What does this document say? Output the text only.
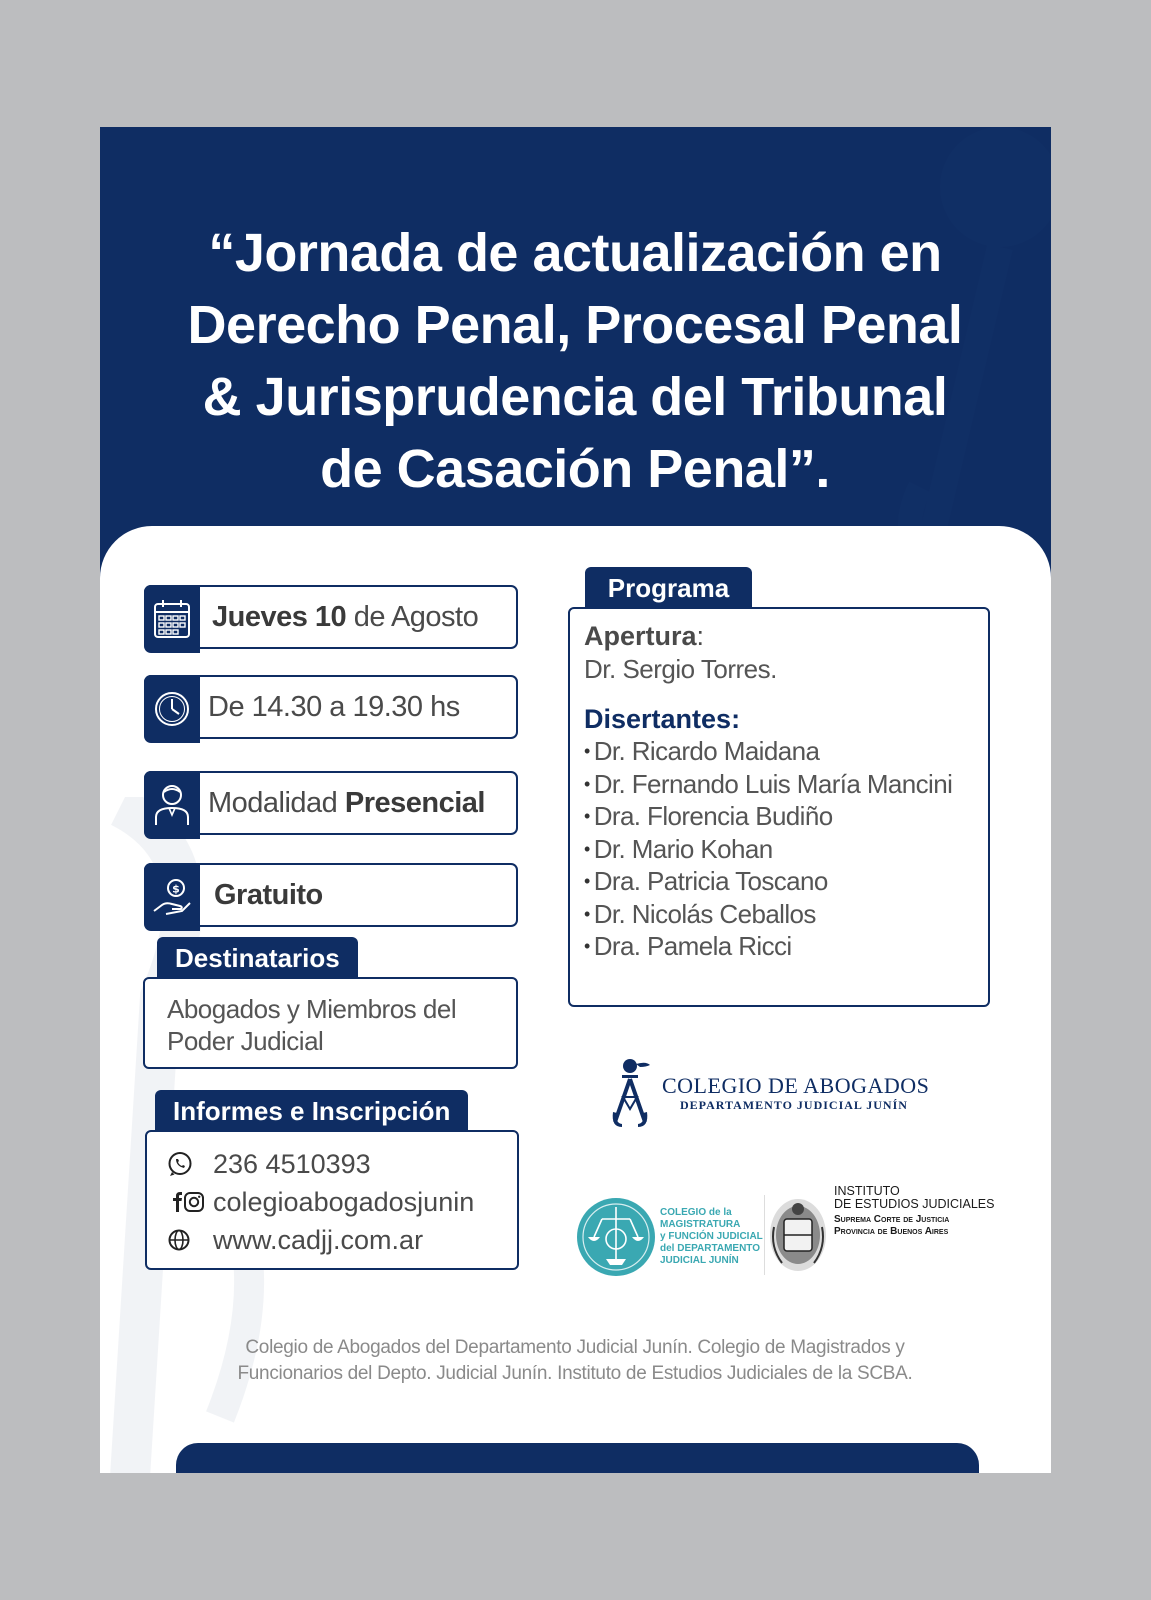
“Jornada de actualización en
Derecho Penal, Procesal Penal
& Jurisprudencia del Tribunal
de Casación Penal”.
Jueves 10 de Agosto
De 14.30 a 19.30 hs
Modalidad Presencial
$ Gratuito
Destinatarios
Abogados y Miembros del
Poder Judicial
Informes e Inscripción
236 4510393
colegioabogadosjunin
www.cadjj.com.ar
Programa
Apertura:
Dr. Sergio Torres.
Disertantes:
• Dr. Ricardo Maidana
• Dr. Fernando Luis María Mancini
• Dra. Florencia Budiño
• Dr. Mario Kohan
• Dra. Patricia Toscano
• Dr. Nicolás Ceballos
• Dra. Pamela Ricci
COLEGIO DE ABOGADOS
DEPARTAMENTO JUDICIAL JUNÍN
COLEGIO de la
MAGISTRATURA
y FUNCIÓN JUDICIAL
del DEPARTAMENTO
JUDICIAL JUNÍN
INSTITUTO
DE ESTUDIOS JUDICIALES
Suprema Corte de Justicia
Provincia de Buenos Aires
Colegio de Abogados del Departamento Judicial Junín. Colegio de Magistrados y
Funcionarios del Depto. Judicial Junín. Instituto de Estudios Judiciales de la SCBA.
